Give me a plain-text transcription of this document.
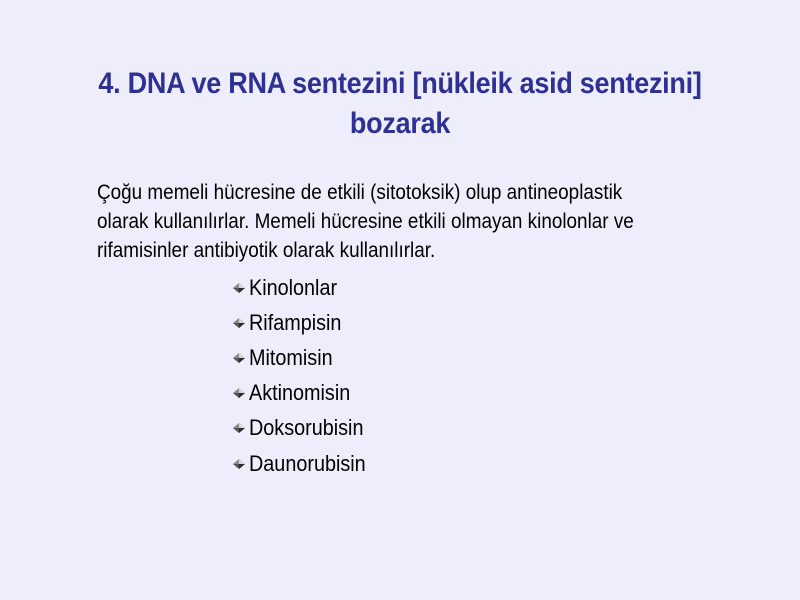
4. DNA ve RNA sentezini [nükleik asid sentezini]
bozarak
Çoğu memeli hücresine de etkili (sitotoksik) olup antineoplastik
olarak kullanılırlar. Memeli hücresine etkili olmayan kinolonlar ve
rifamisinler antibiyotik olarak kullanılırlar.
Kinolonlar
Rifampisin
Mitomisin
Aktinomisin
Doksorubisin
Daunorubisin
